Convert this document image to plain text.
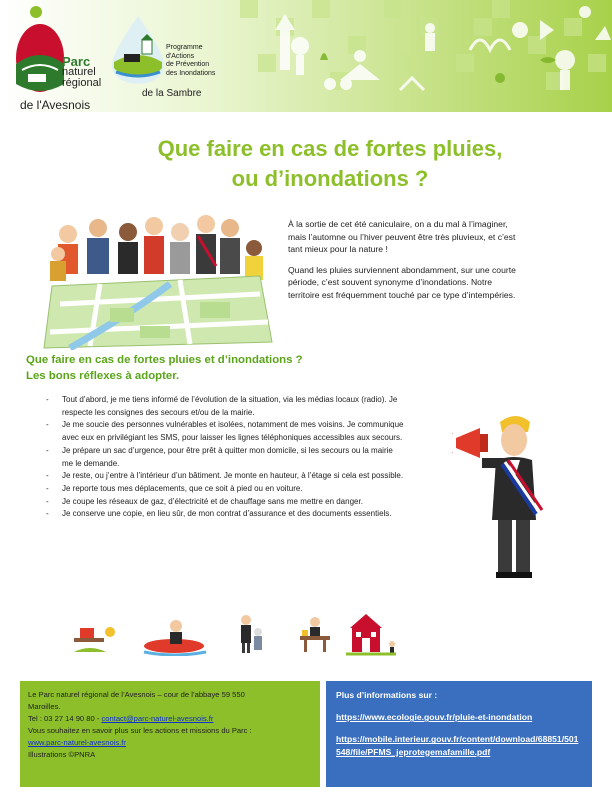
Parc
naturel
régional
de l'Avesnois
Programme
d'Actions
de Prévention
des Inondations
de la Sambre
Que faire en cas de fortes pluies,
ou d’inondations ?

À la sortie de cet été caniculaire, on a du mal à l’imaginer, mais l’automne ou l’hiver peuvent être très pluvieux, et c’est tant mieux pour la nature !

Quand les pluies surviennent abondamment, sur une courte période, c’est souvent synonyme d’inondations. Notre territoire est fréquemment touché par ce type d’intempéries.

Que faire en cas de fortes pluies et d’inondations ?
Les bons réflexes à adopter.
- Tout d’abord, je me tiens informé de l’évolution de la situation, via les médias locaux (radio). Je respecte les consignes des secours et/ou de la mairie.
- Je me soucie des personnes vulnérables et isolées, notamment de mes voisins. Je communique avec eux en privilégiant les SMS, pour laisser les lignes téléphoniques accessibles aux secours.
- Je prépare un sac d’urgence, pour être prêt à quitter mon domicile, si les secours ou la mairie me le demande.
- Je reste, ou j’entre à l’intérieur d’un bâtiment. Je monte en hauteur, à l’étage si cela est possible.
- Je reporte tous mes déplacements, que ce soit à pied ou en voiture.
- Je coupe les réseaux de gaz, d’électricité et de chauffage sans me mettre en danger.
- Je conserve une copie, en lieu sûr, de mon contrat d’assurance et des documents essentiels.
Le Parc naturel régional de l’Avesnois – cour de l’abbaye 59 550
Maroilles.
Tel : 03 27 14 90 80 - contact@parc-naturel-avesnois.fr
Vous souhaitez en savoir plus sur les actions et missions du Parc :
www.parc-naturel-avesnois.fr
Illustrations ©PNRA
Plus d’informations sur :
https://www.ecologie.gouv.fr/pluie-et-inondation
https://mobile.interieur.gouv.fr/content/download/68851/501548/file/PFMS_jeprotegemafamille.pdf
